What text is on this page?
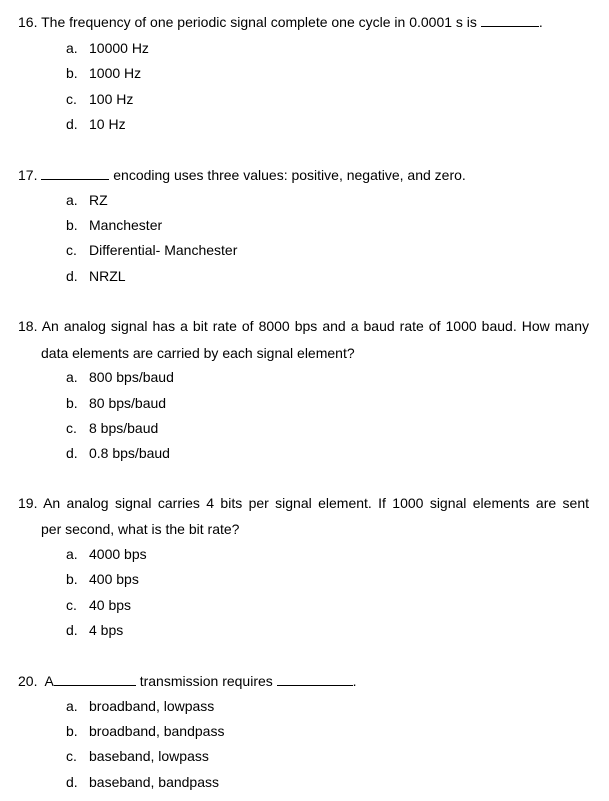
16. The frequency of one periodic signal complete one cycle in 0.0001 s is	.
a. 10000 Hz
b. 1000 Hz
c. 100 Hz
d. 10 Hz
17.	encoding uses three values: positive, negative, and zero.
a. RZ
b. Manchester
c. Differential- Manchester
d. NRZL
18. An analog signal has a bit rate of 8000 bps and a baud rate of 1000 baud. How many
data elements are carried by each signal element?
a. 800 bps/baud
b. 80 bps/baud
c. 8 bps/baud
d. 0.8 bps/baud
19. An analog signal carries 4 bits per signal element. If 1000 signal elements are sent
per second, what is the bit rate?
a. 4000 bps
b. 400 bps
c. 40 bps
d. 4 bps
20. A	transmission requires	.
a. broadband, lowpass
b. broadband, bandpass
c. baseband, lowpass
d. baseband, bandpass
